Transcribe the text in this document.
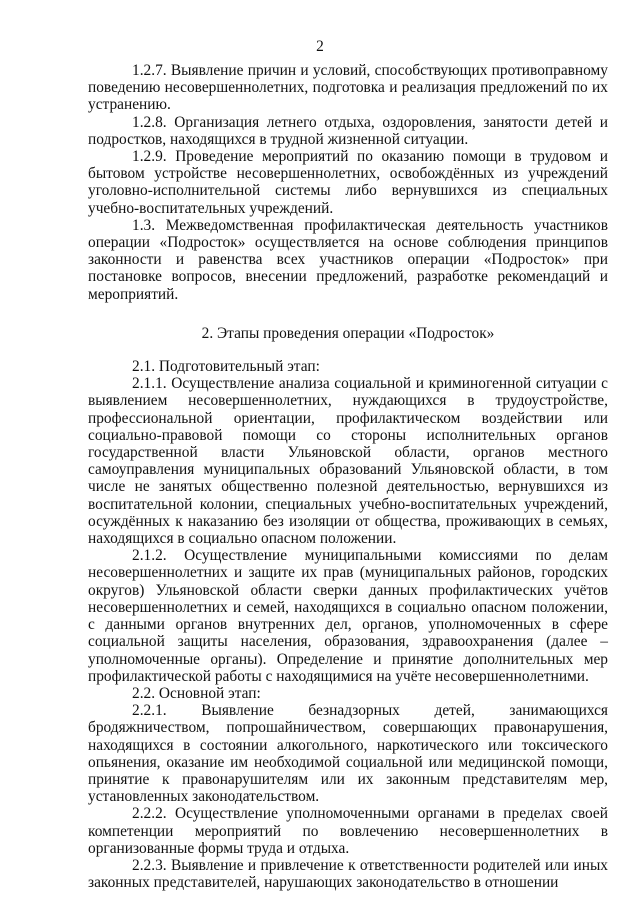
2

1.2.7. Выявление причин и условий, способствующих противоправному поведению несовершеннолетних, подготовка и реализация предложений по их устранению.

1.2.8. Организация летнего отдыха, оздоровления, занятости детей и подростков, находящихся в трудной жизненной ситуации.

1.2.9. Проведение мероприятий по оказанию помощи в трудовом и бытовом устройстве несовершеннолетних, освобождённых из учреждений уголовно-исполнительной системы либо вернувшихся из специальных учебно-воспитательных учреждений.

1.3. Межведомственная профилактическая деятельность участников операции «Подросток» осуществляется на основе соблюдения принципов законности и равенства всех участников операции «Подросток» при постановке вопросов, внесении предложений, разработке рекомендаций и мероприятий.

2. Этапы проведения операции «Подросток»

2.1. Подготовительный этап:

2.1.1. Осуществление анализа социальной и криминогенной ситуации с выявлением несовершеннолетних, нуждающихся в трудоустройстве, профессиональной ориентации, профилактическом воздействии или социально-правовой помощи со стороны исполнительных органов государственной власти Ульяновской области, органов местного самоуправления муниципальных образований Ульяновской области, в том числе не занятых общественно полезной деятельностью, вернувшихся из воспитательной колонии, специальных учебно-воспитательных учреждений, осуждённых к наказанию без изоляции от общества, проживающих в семьях, находящихся в социально опасном положении.

2.1.2. Осуществление муниципальными комиссиями по делам несовершеннолетних и защите их прав (муниципальных районов, городских округов) Ульяновской области сверки данных профилактических учётов несовершеннолетних и семей, находящихся в социально опасном положении, с данными органов внутренних дел, органов, уполномоченных в сфере социальной защиты населения, образования, здравоохранения (далее – уполномоченные органы). Определение и принятие дополнительных мер профилактической работы с находящимися на учёте несовершеннолетними.

2.2. Основной этап:

2.2.1. Выявление безнадзорных детей, занимающихся бродяжничеством, попрошайничеством, совершающих правонарушения, находящихся в состоянии алкогольного, наркотического или токсического опьянения, оказание им необходимой социальной или медицинской помощи, принятие к правонарушителям или их законным представителям мер, установленных законодательством.

2.2.2. Осуществление уполномоченными органами в пределах своей компетенции мероприятий по вовлечению несовершеннолетних в организованные формы труда и отдыха.

2.2.3. Выявление и привлечение к ответственности родителей или иных законных представителей, нарушающих законодательство в отношении
